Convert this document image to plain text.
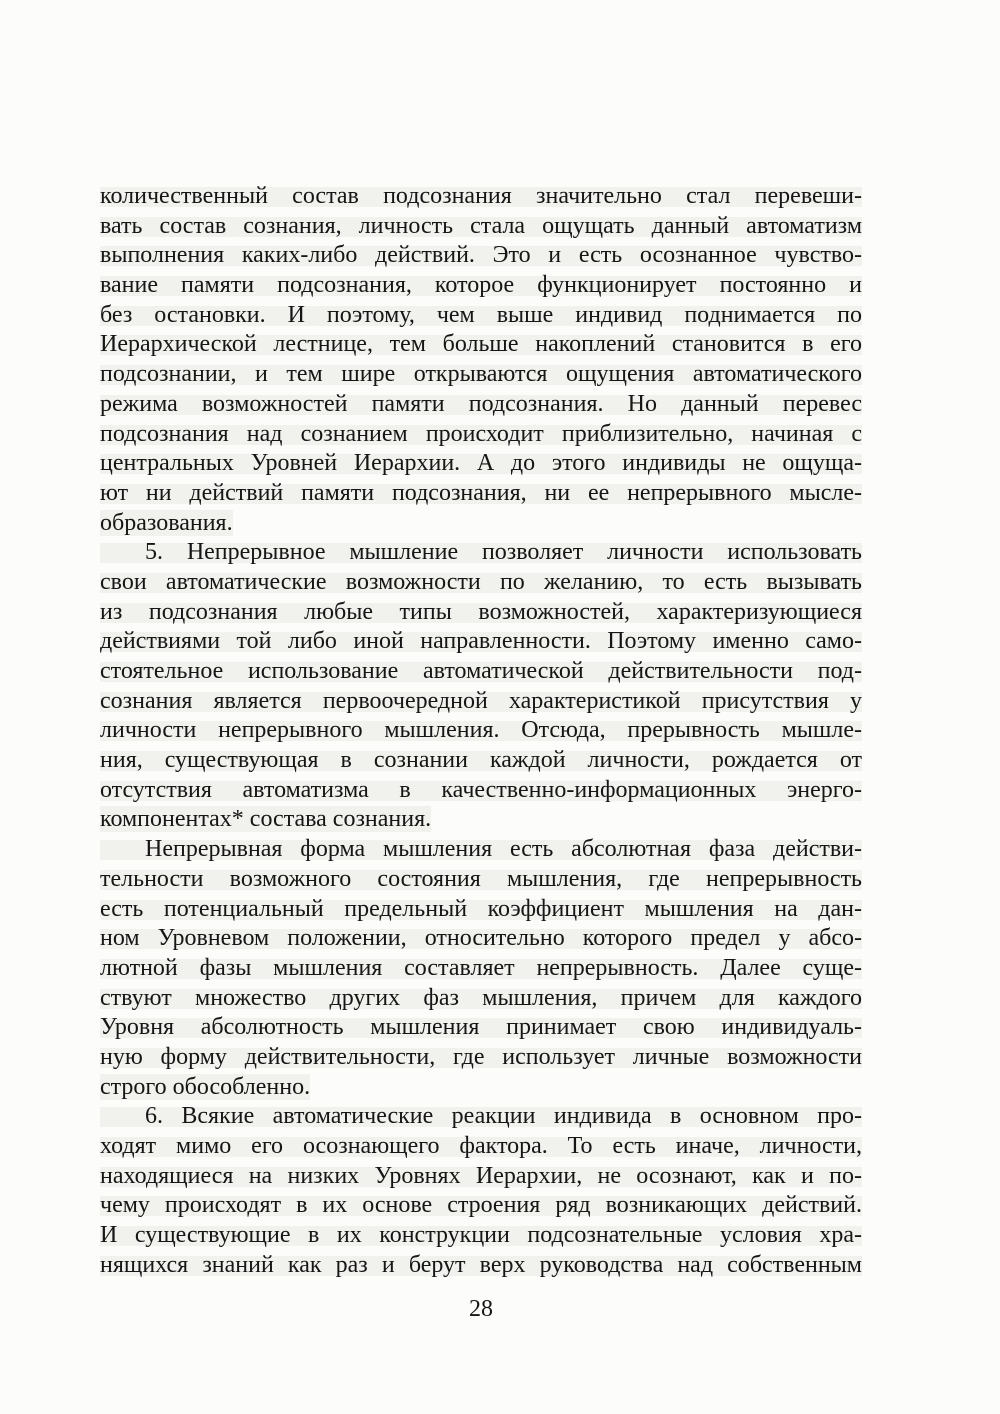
количественный состав подсознания значительно стал перевеши-
вать состав сознания, личность стала ощущать данный автоматизм
выполнения каких-либо действий. Это и есть осознанное чувство-
вание памяти подсознания, которое функционирует постоянно и
без остановки. И поэтому, чем выше индивид поднимается по
Иерархической лестнице, тем больше накоплений становится в его
подсознании, и тем шире открываются ощущения автоматического
режима возможностей памяти подсознания. Но данный перевес
подсознания над сознанием происходит приблизительно, начиная с
центральных Уровней Иерархии. А до этого индивиды не ощуща-
ют ни действий памяти подсознания, ни ее непрерывного мысле-
образования.
5. Непрерывное мышление позволяет личности использовать
свои автоматические возможности по желанию, то есть вызывать
из подсознания любые типы возможностей, характеризующиеся
действиями той либо иной направленности. Поэтому именно само-
стоятельное использование автоматической действительности под-
сознания является первоочередной характеристикой присутствия у
личности непрерывного мышления. Отсюда, прерывность мышле-
ния, существующая в сознании каждой личности, рождается от
отсутствия автоматизма в качественно-информационных энерго-
компонентах* состава сознания.
Непрерывная форма мышления есть абсолютная фаза действи-
тельности возможного состояния мышления, где непрерывность
есть потенциальный предельный коэффициент мышления на дан-
ном Уровневом положении, относительно которого предел у абсо-
лютной фазы мышления составляет непрерывность. Далее суще-
ствуют множество других фаз мышления, причем для каждого
Уровня абсолютность мышления принимает свою индивидуаль-
ную форму действительности, где использует личные возможности
строго обособленно.
6. Всякие автоматические реакции индивида в основном про-
ходят мимо его осознающего фактора. То есть иначе, личности,
находящиеся на низких Уровнях Иерархии, не осознают, как и по-
чему происходят в их основе строения ряд возникающих действий.
И существующие в их конструкции подсознательные условия хра-
нящихся знаний как раз и берут верх руководства над собственным
28
